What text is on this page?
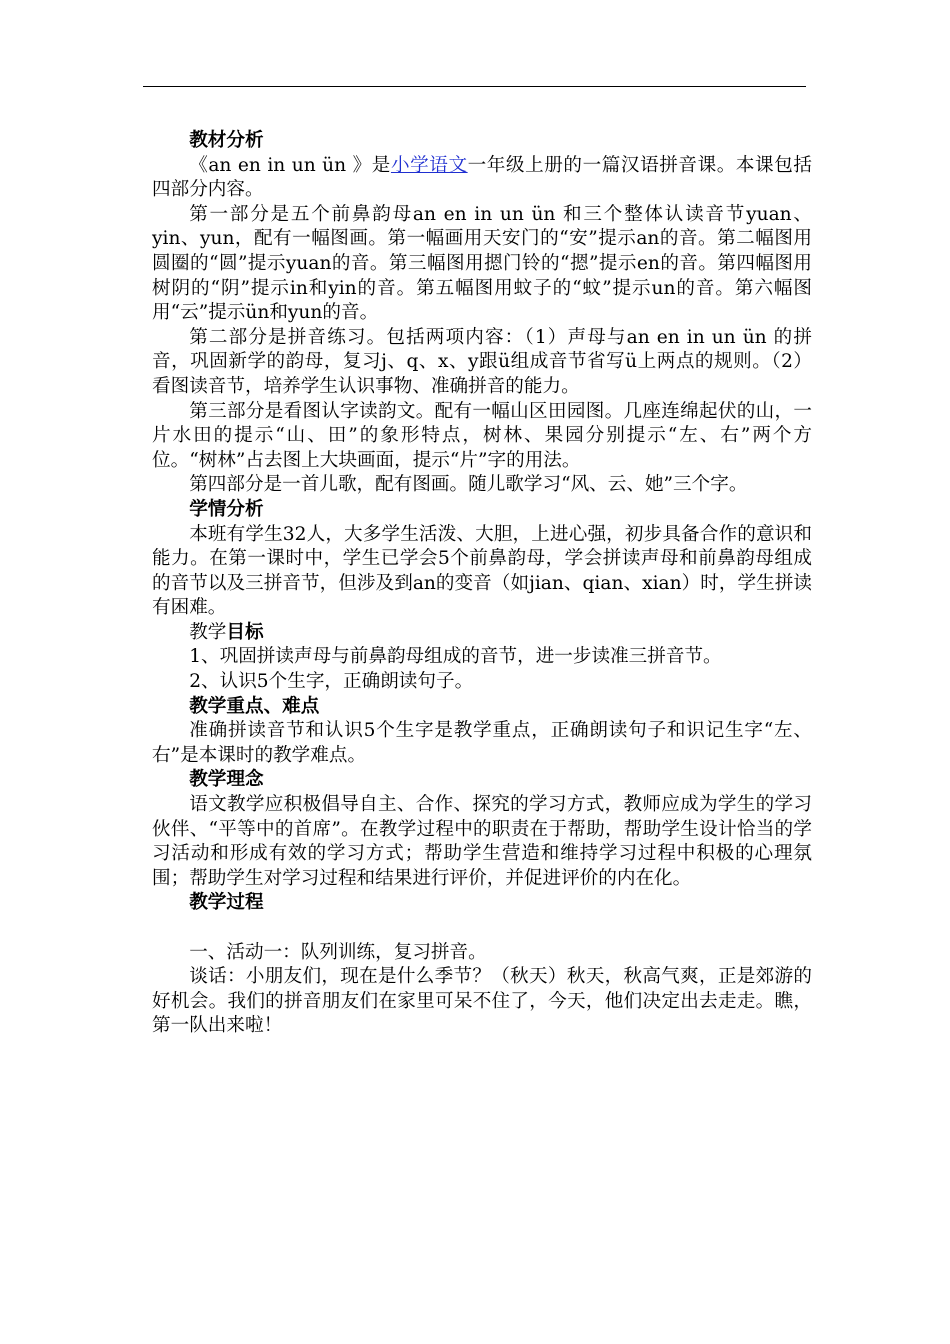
教材分析

《an en in un ün 》是小学语文一年级上册的一篇汉语拼音课。本课包括四部分内容。

第一部分是五个前鼻韵母an en in un ün 和三个整体认读音节yuan、yin、yun，配有一幅图画。第一幅画用天安门的“安”提示an的音。第二幅图用圆圈的“圆”提示yuan的音。第三幅图用摁门铃的“摁”提示en的音。第四幅图用树阴的“阴”提示in和yin的音。第五幅图用蚊子的“蚊”提示un的音。第六幅图用“云”提示ün和yun的音。

第二部分是拼音练习。包括两项内容：（1）声母与an en in un ün 的拼音，巩固新学的韵母，复习j、q、x、y跟ü组成音节省写ü上两点的规则。（2）看图读音节，培养学生认识事物、准确拼音的能力。

第三部分是看图认字读韵文。配有一幅山区田园图。几座连绵起伏的山，一片水田的提示“山、田”的象形特点，树林、果园分别提示“左、右”两个方位。“树林”占去图上大块画面，提示“片”字的用法。

第四部分是一首儿歌，配有图画。随儿歌学习“风、云、她”三个字。

学情分析

本班有学生32人，大多学生活泼、大胆，上进心强，初步具备合作的意识和能力。在第一课时中，学生已学会5个前鼻韵母，学会拼读声母和前鼻韵母组成的音节以及三拼音节，但涉及到an的变音（如jian、qian、xian）时，学生拼读有困难。

教学目标

1、巩固拼读声母与前鼻韵母组成的音节，进一步读准三拼音节。

2、认识5个生字，正确朗读句子。

教学重点、难点

准确拼读音节和认识5个生字是教学重点，正确朗读句子和识记生字“左、右”是本课时的教学难点。

教学理念

语文教学应积极倡导自主、合作、探究的学习方式，教师应成为学生的学习伙伴、“平等中的首席”。在教学过程中的职责在于帮助，帮助学生设计恰当的学习活动和形成有效的学习方式；帮助学生营造和维持学习过程中积极的心理氛围；帮助学生对学习过程和结果进行评价，并促进评价的内在化。

教学过程

一、活动一：队列训练，复习拼音。

谈话：小朋友们，现在是什么季节？（秋天）秋天，秋高气爽，正是郊游的好机会。我们的拼音朋友们在家里可呆不住了，今天，他们决定出去走走。瞧，第一队出来啦！
